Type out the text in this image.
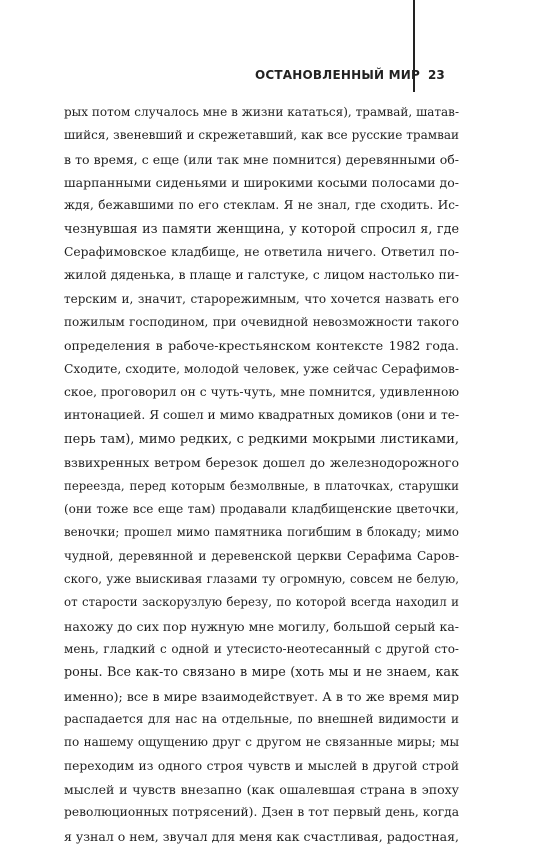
ОСТАНОВЛЕННЫЙ МИР 23
рых потом случалось мне в жизни кататься), трамвай, шатав-
шийся, звеневший и скрежетавший, как все русские трамваи
в то время, с еще (или так мне помнится) деревянными об-
шарпанными сиденьями и широкими косыми полосами до-
ждя, бежавшими по его стеклам. Я не знал, где сходить. Ис-
чезнувшая из памяти женщина, у которой спросил я, где
Серафимовское кладбище, не ответила ничего. Ответил по-
жилой дяденька, в плаще и галстуке, с лицом настолько пи-
терским и, значит, старорежимным, что хочется назвать его
пожилым господином, при очевидной невозможности такого
определения в рабоче-крестьянском контексте 1982 года.
Сходите, сходите, молодой человек, уже сейчас Серафимов-
ское, проговорил он с чуть-чуть, мне помнится, удивленною
интонацией. Я сошел и мимо квадратных домиков (они и те-
перь там), мимо редких, с редкими мокрыми листиками,
взвихренных ветром березок дошел до железнодорожного
переезда, перед которым безмолвные, в платочках, старушки
(они тоже все еще там) продавали кладбищенские цветочки,
веночки; прошел мимо памятника погибшим в блокаду; мимо
чудной, деревянной и деревенской церкви Серафима Саров-
ского, уже выискивая глазами ту огромную, совсем не белую,
от старости заскорузлую березу, по которой всегда находил и
нахожу до сих пор нужную мне могилу, большой серый ка-
мень, гладкий с одной и утесисто-неотесанный с другой сто-
роны. Все как-то связано в мире (хоть мы и не знаем, как
именно); все в мире взаимодействует. А в то же время мир
распадается для нас на отдельные, по внешней видимости и
по нашему ощущению друг с другом не связанные миры; мы
переходим из одного строя чувств и мыслей в другой строй
мыслей и чувств внезапно (как ошалевшая страна в эпоху
революционных потрясений). Дзен в тот первый день, когда
я узнал о нем, звучал для меня как счастливая, радостная,
